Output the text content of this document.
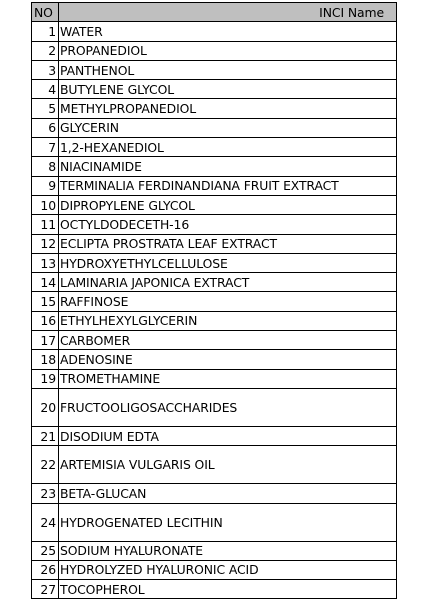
NO	INCI Name
1	WATER
2	PROPANEDIOL
3	PANTHENOL
4	BUTYLENE GLYCOL
5	METHYLPROPANEDIOL
6	GLYCERIN
7	1,2-HEXANEDIOL
8	NIACINAMIDE
9	TERMINALIA FERDINANDIANA FRUIT EXTRACT
10	DIPROPYLENE GLYCOL
11	OCTYLDODECETH-16
12	ECLIPTA PROSTRATA LEAF EXTRACT
13	HYDROXYETHYLCELLULOSE
14	LAMINARIA JAPONICA EXTRACT
15	RAFFINOSE
16	ETHYLHEXYLGLYCERIN
17	CARBOMER
18	ADENOSINE
19	TROMETHAMINE
20	FRUCTOOLIGOSACCHARIDES
21	DISODIUM EDTA
22	ARTEMISIA VULGARIS OIL
23	BETA-GLUCAN
24	HYDROGENATED LECITHIN
25	SODIUM HYALURONATE
26	HYDROLYZED HYALURONIC ACID
27	TOCOPHEROL
